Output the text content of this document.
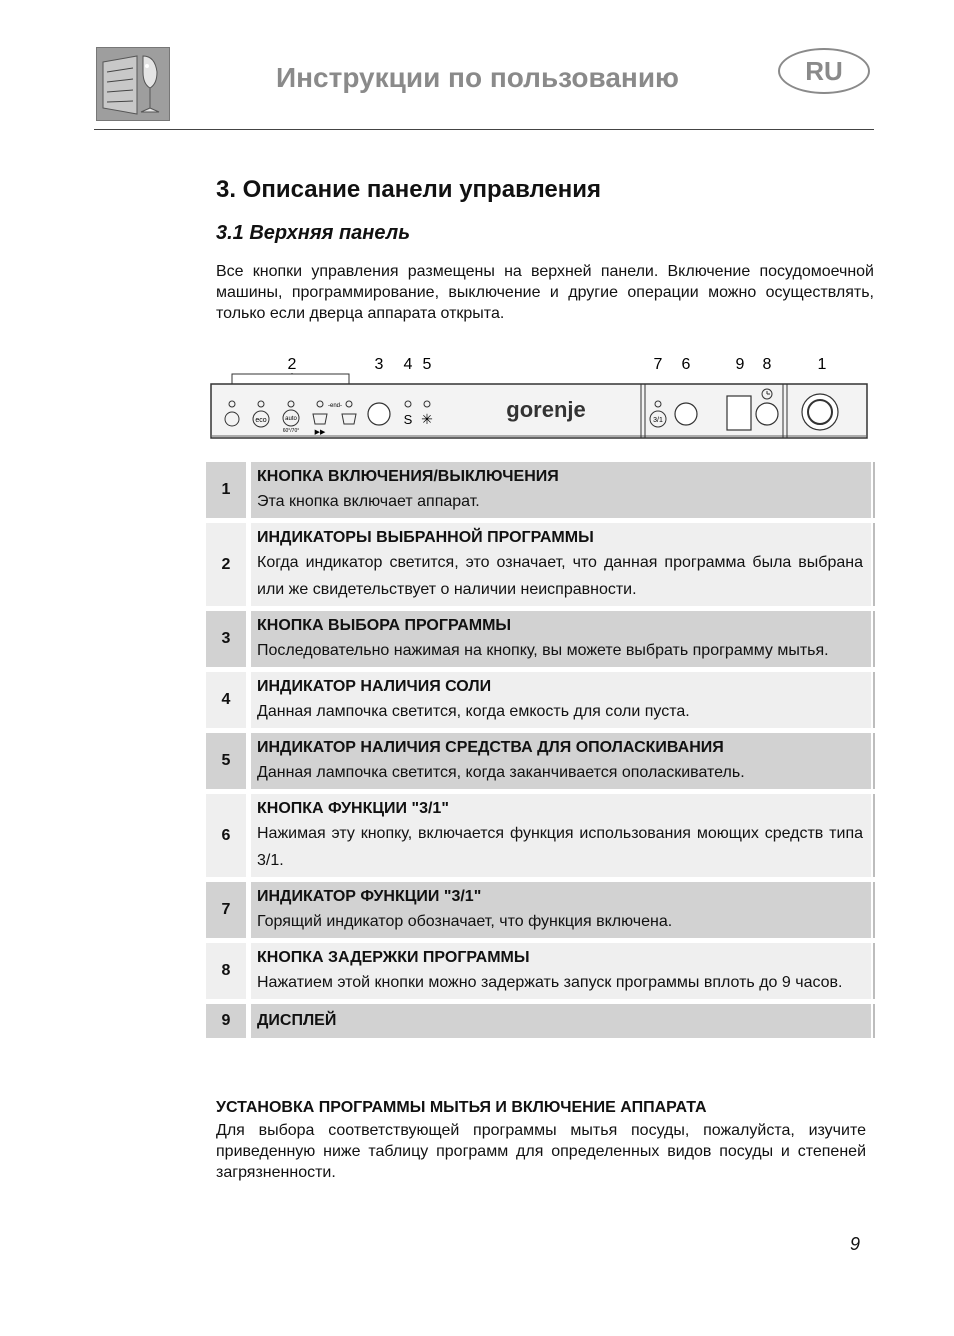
Инструкции по пользованию	RU
3. Описание панели управления
3.1 Верхняя панель
Все кнопки управления размещены на верхней панели. Включение посудомоечной машины, программирование, выключение и другие операции можно осуществлять, только если дверца аппарата открыта.
2	3 4 5	7 6	9 8	1
eco	auto
60°/70° ▶▶
-end-
S ✳	gorenje	3/1
1
КНОПКА ВКЛЮЧЕНИЯ/ВЫКЛЮЧЕНИЯ
Эта кнопка включает аппарат.
2
ИНДИКАТОРЫ ВЫБРАННОЙ ПРОГРАММЫ
Когда индикатор светится, это означает, что данная программа была выбрана или же свидетельствует о наличии неисправности.
3
КНОПКА ВЫБОРА ПРОГРАММЫ
Последовательно нажимая на кнопку, вы можете выбрать программу мытья.
4
ИНДИКАТОР НАЛИЧИЯ СОЛИ
Данная лампочка светится, когда емкость для соли пуста.
5
ИНДИКАТОР НАЛИЧИЯ СРЕДСТВА ДЛЯ ОПОЛАСКИВАНИЯ
Данная лампочка светится, когда заканчивается ополаскиватель.
6
КНОПКА ФУНКЦИИ "3/1"
Нажимая эту кнопку, включается функция использования моющих средств типа 3/1.
7
ИНДИКАТОР ФУНКЦИИ "3/1"
Горящий индикатор обозначает, что функция включена.
8
КНОПКА ЗАДЕРЖКИ ПРОГРАММЫ
Нажатием этой кнопки можно задержать запуск программы вплоть до 9 часов.
9	ДИСПЛЕЙ
УСТАНОВКА ПРОГРАММЫ МЫТЬЯ И ВКЛЮЧЕНИЕ АППАРАТА
Для выбора соответствующей программы мытья посуды, пожалуйста, изучите приведенную ниже таблицу программ для определенных видов посуды и степеней загрязненности.
9
